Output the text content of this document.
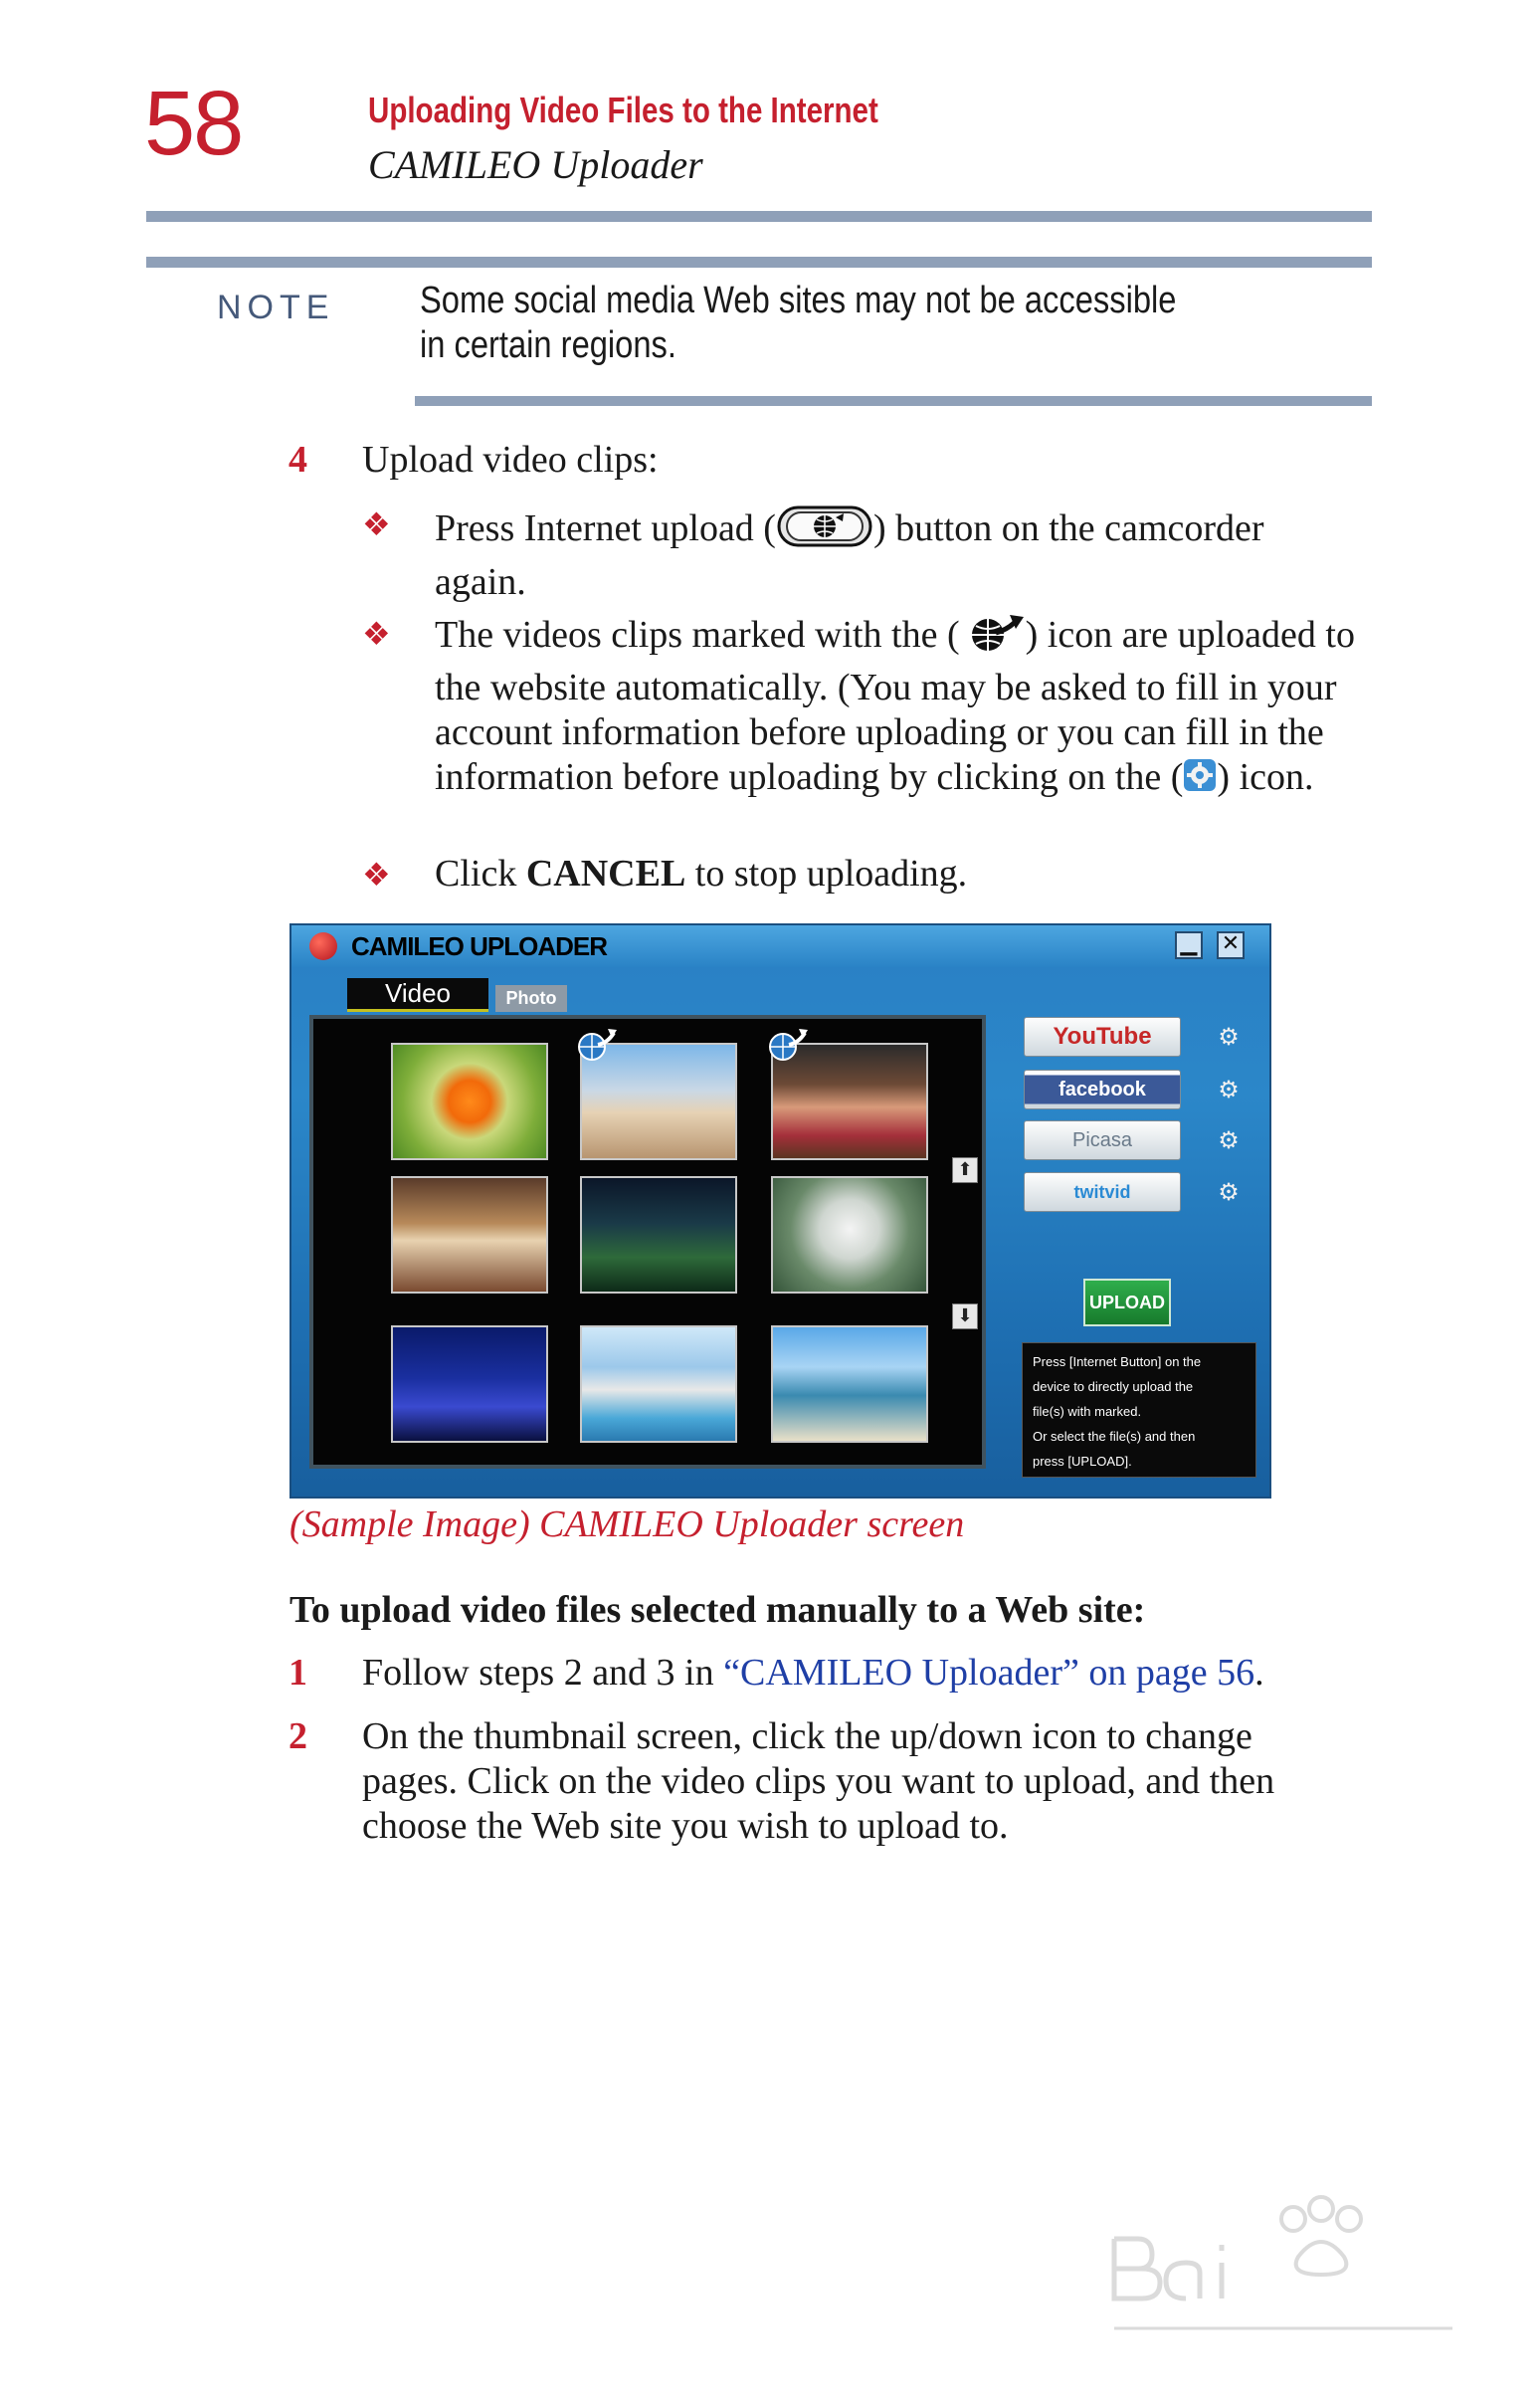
58	Uploading Video Files to the Internet
CAMILEO Uploader
NOTE Some social media Web sites may not be accessible in certain regions.
4 Upload video clips:
❖ Press Internet upload (	) button on the camcorder again.
❖ The videos clips marked with the ( ) icon are uploaded to the website automatically. (You may be asked to fill in your account information before uploading or you can fill in the information before uploading by clicking on the ( ) icon.
❖ Click CANCEL to stop uploading.
CAMILEO UPLOADER	▁ ✕
Video	Photo
⬆
⬇
YouTube
facebook
Picasa
twitvid
⚙
⚙
⚙
⚙
UPLOAD
Press [Internet Button] on the
device to directly upload the
file(s) with marked.
Or select the file(s) and then
press [UPLOAD].
(Sample Image) CAMILEO Uploader screen
To upload video files selected manually to a Web site:
1 Follow steps 2 and 3 in “CAMILEO Uploader” on page 56.
2 On the thumbnail screen, click the up/down icon to change pages. Click on the video clips you want to upload, and then choose the Web site you wish to upload to.
